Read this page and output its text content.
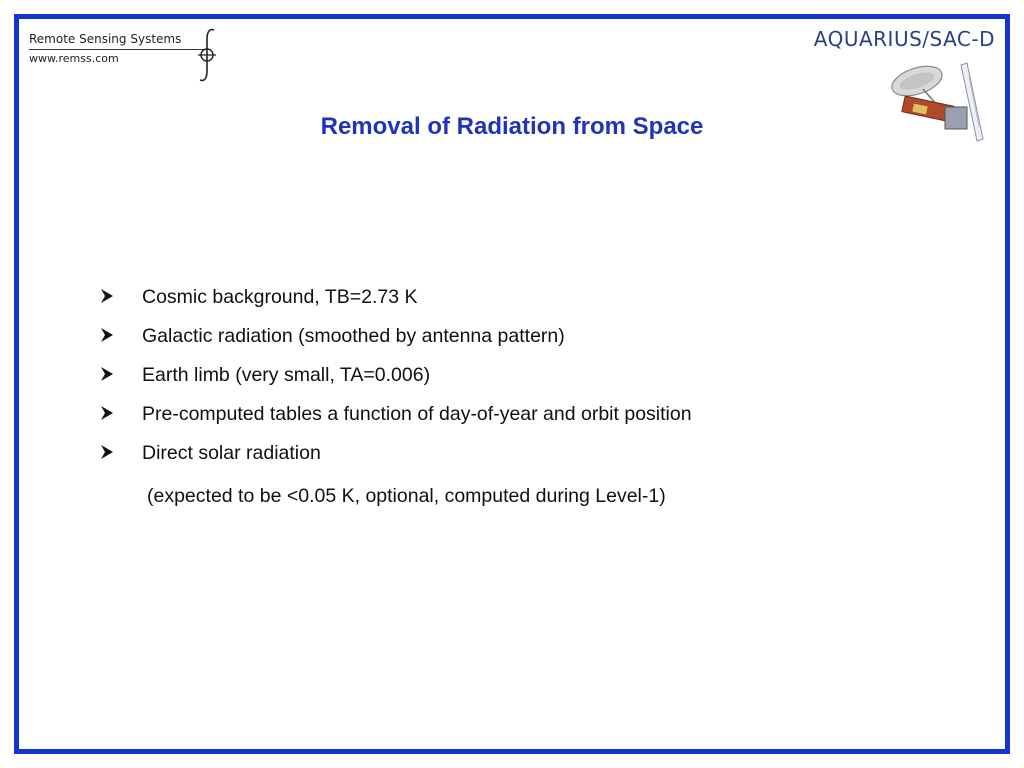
Remote Sensing Systems
www.remss.com
AQUARIUS/SAC-D
Removal of Radiation from Space
Cosmic background, TB=2.73 K
Galactic radiation (smoothed by antenna pattern)
Earth limb (very small, TA=0.006)
Pre-computed tables a function of day-of-year and orbit position
Direct solar radiation
(expected to be <0.05 K, optional, computed during Level-1)
